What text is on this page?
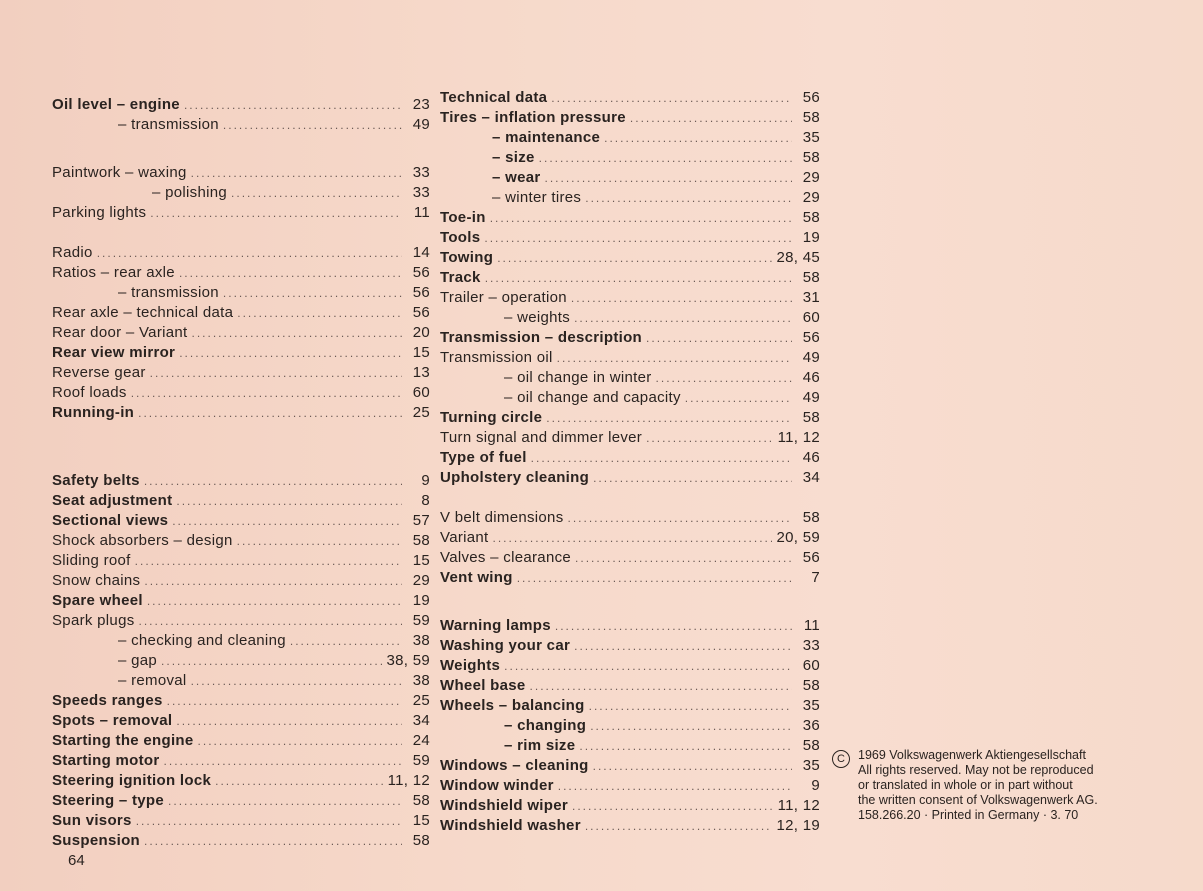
Oil level – engine .....	23
– transmission .....	49
Paintwork – waxing .....	33
– polishing .....	33
Parking lights .....	11
Radio .....	14
Ratios – rear axle .....	56
– transmission .....	56
Rear axle – technical data .....	56
Rear door – Variant .....	20
Rear view mirror .....	15
Reverse gear .....	13
Roof loads .....	60
Running-in .....	25
Safety belts .....	9
Seat adjustment .....	8
Sectional views .....	57
Shock absorbers – design .....	58
Sliding roof .....	15
Snow chains .....	29
Spare wheel .....	19
Spark plugs .....	59
– checking and cleaning .....	38
– gap .....	38, 59
– removal .....	38
Speeds ranges .....	25
Spots – removal .....	34
Starting the engine .....	24
Starting motor .....	59
Steering ignition lock .....	11, 12
Steering – type .....	58
Sun visors .....	15
Suspension .....	58
Technical data .....	56
Tires – inflation pressure .....	58
– maintenance .....	35
– size .....	58
– wear .....	29
– winter tires .....	29
Toe-in .....	58
Tools .....	19
Towing .....	28, 45
Track .....	58
Trailer – operation .....	31
– weights .....	60
Transmission – description .....	56
Transmission oil .....	49
– oil change in winter .....	46
– oil change and capacity .....	49
Turning circle .....	58
Turn signal and dimmer lever .....	11, 12
Type of fuel .....	46
Upholstery cleaning .....	34
V belt dimensions .....	58
Variant .....	20, 59
Valves – clearance .....	56
Vent wing .....	7
Warning lamps .....	11
Washing your car .....	33
Weights .....	60
Wheel base .....	58
Wheels – balancing .....	35
– changing .....	36
– rim size .....	58
Windows – cleaning .....	35
Window winder .....	9
Windshield wiper .....	11, 12
Windshield washer .....	12, 19
C	1969 Volkswagenwerk Aktiengesellschaft
All rights reserved. May not be reproduced
or translated in whole or in part without
the written consent of Volkswagenwerk AG.
158.266.20 · Printed in Germany · 3. 70
64
